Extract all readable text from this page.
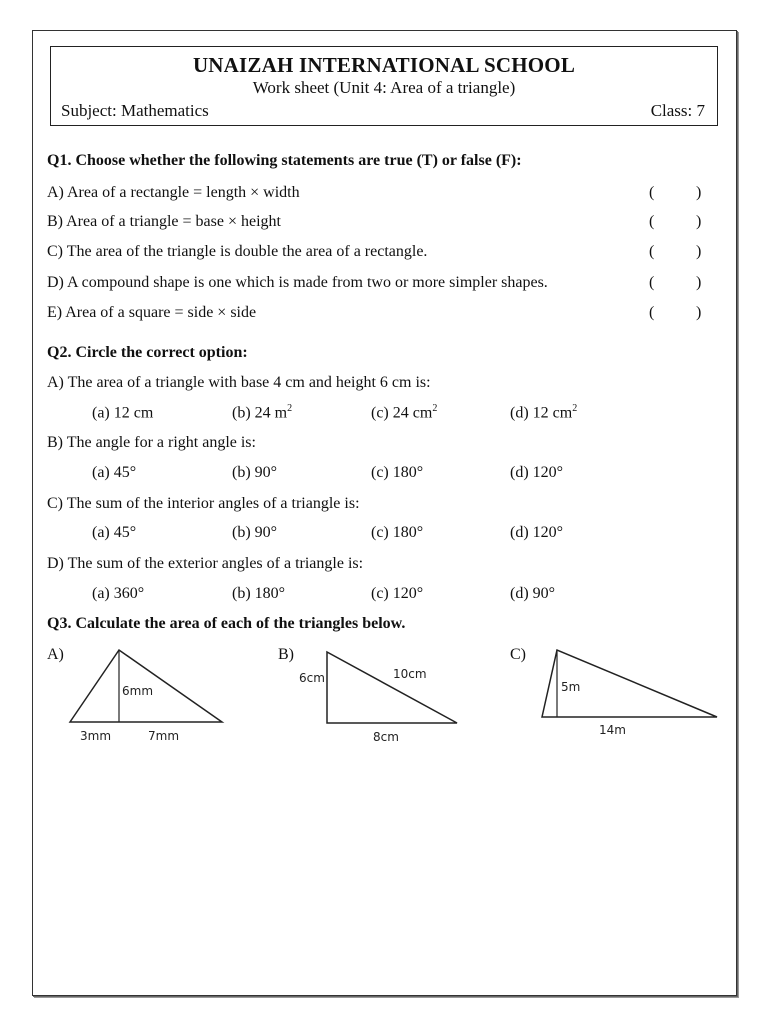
UNAIZAH INTERNATIONAL SCHOOL
Work sheet (Unit 4: Area of a triangle)
Subject: Mathematics	Class: 7
Q1. Choose whether the following statements are true (T) or false (F):
A) Area of a rectangle = length × width	(	)
B) Area of a triangle = base × height	(	)
C) The area of the triangle is double the area of a rectangle.	(	)
D) A compound shape is one which is made from two or more simpler shapes.	(	)
E) Area of a square = side × side	(	)
Q2. Circle the correct option:
A) The area of a triangle with base 4 cm and height 6 cm is:
(a) 12 cm	(b) 24 $m^2$	(c) 24 $cm^2$	(d) 12 $cm^2$
B) The angle for a right angle is:
(a) 45°	(b) 90°	(c) 180°	(d) 120°
C) The sum of the interior angles of a triangle is:
(a) 45°	(b) 90°	(c) 180°	(d) 120°
D) The sum of the exterior angles of a triangle is:
(a) 360°	(b) 180°	(c) 120°	(d) 90°
Q3. Calculate the area of each of the triangles below.
A)
6mm
3mm	7mm
B)
6cm	10cm
8cm
C)
5m
14m
